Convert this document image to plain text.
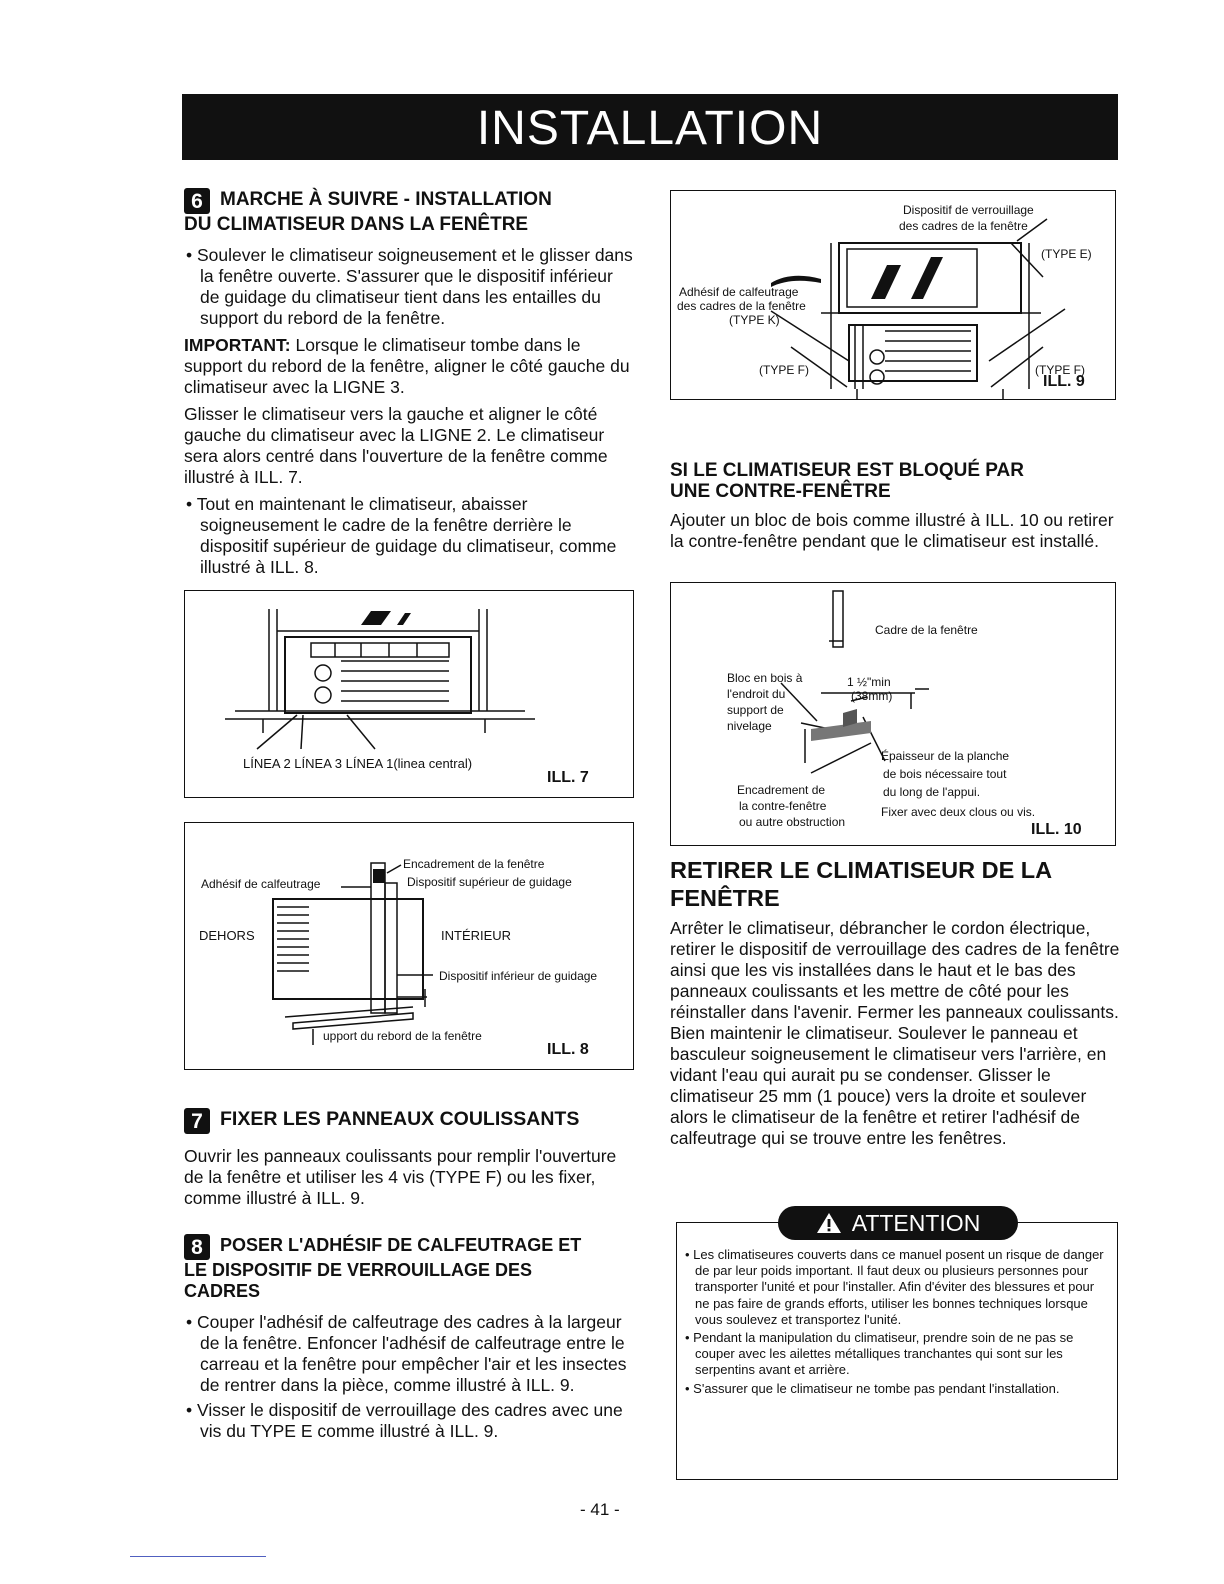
INSTALLATION
6 MARCHE À SUIVRE - INSTALLATION
DU CLIMATISEUR DANS LA FENÊTRE
• Soulever le climatiseur soigneusement et le glisser dans la fenêtre ouverte. S'assurer que le dispositif inférieur de guidage du climatiseur tient dans les entailles du support du rebord de la fenêtre.

IMPORTANT: Lorsque le climatiseur tombe dans le support du rebord de la fenêtre, aligner le côté gauche du climatiseur avec la LIGNE 3.

Glisser le climatiseur vers la gauche et aligner le côté gauche du climatiseur avec la LIGNE 2. Le climatiseur sera alors centré dans l'ouverture de la fenêtre comme illustré à ILL. 7.

• Tout en maintenant le climatiseur, abaisser soigneusement le cadre de la fenêtre derrière le dispositif supérieur de guidage du climatiseur, comme illustré à ILL. 8.
LÍNEA 2 LÍNEA 3 LÍNEA 1(linea central)
ILL. 7
Encadrement de la fenêtre
Adhésif de calfeutrage	Dispositif supérieur de guidage
DEHORS	INTÉRIEUR
Dispositif inférieur de guidage
upport du rebord de la fenêtre
ILL. 8
7 FIXER LES PANNEAUX COULISSANTS

Ouvrir les panneaux coulissants pour remplir l'ouverture de la fenêtre et utiliser les 4 vis (TYPE F) ou les fixer, comme illustré à ILL. 9.

8 POSER L'ADHÉSIF DE CALFEUTRAGE ET
LE DISPOSITIF DE VERROUILLAGE DES
CADRES
• Couper l'adhésif de calfeutrage des cadres à la largeur de la fenêtre. Enfoncer l'adhésif de calfeutrage entre le carreau et la fenêtre pour empêcher l'air et les insectes de rentrer dans la pièce, comme illustré à ILL. 9.
• Visser le dispositif de verrouillage des cadres avec une vis du TYPE E comme illustré à ILL. 9.
Dispositif de verrouillage
des cadres de la fenêtre
(TYPE E)
Adhésif de calfeutrage
des cadres de la fenêtre
(TYPE K)
(TYPE F)	(TYPE F)
ILL. 9
SI LE CLIMATISEUR EST BLOQUÉ PAR
UNE CONTRE-FENÊTRE

Ajouter un bloc de bois comme illustré à ILL. 10 ou retirer la contre-fenêtre pendant que le climatiseur est installé.

Cadre de la fenêtre
Bloc en bois à
l'endroit du
support de
nivelage
1 ½"min
(38mm)
Épaisseur de la planche
de bois nécessaire tout
du long de l'appui.
Fixer avec deux clous ou vis.
Encadrement de
la contre-fenêtre
ou autre obstruction	ILL. 10
RETIRER LE CLIMATISEUR DE LA
FENÊTRE

Arrêter le climatiseur, débrancher le cordon électrique, retirer le dispositif de verrouillage des cadres de la fenêtre ainsi que les vis installées dans le haut et le bas des panneaux coulissants et les mettre de côté pour les réinstaller dans l'avenir. Fermer les panneaux coulissants. Bien maintenir le climatiseur. Soulever le panneau et basculeur soigneusement le climatiseur vers l'arrière, en vidant l'eau qui aurait pu se condenser. Glisser le climatiseur 25 mm (1 pouce) vers la droite et soulever alors le climatiseur de la fenêtre et retirer l'adhésif de calfeutrage qui se trouve entre les fenêtres.

• Les climatiseures couverts dans ce manuel posent un risque de danger de par leur poids important. Il faut deux ou plusieurs personnes pour transporter l'unité et pour l'installer. Afin d'éviter des blessures et pour ne pas faire de grands efforts, utiliser les bonnes techniques lorsque vous soulevez et transportez l'unité.
• Pendant la manipulation du climatiseur, prendre soin de ne pas se couper avec les ailettes métalliques tranchantes qui sont sur les serpentins avant et arrière.
• S'assurer que le climatiseur ne tombe pas pendant l'installation.
ATTENTION
- 41 -
